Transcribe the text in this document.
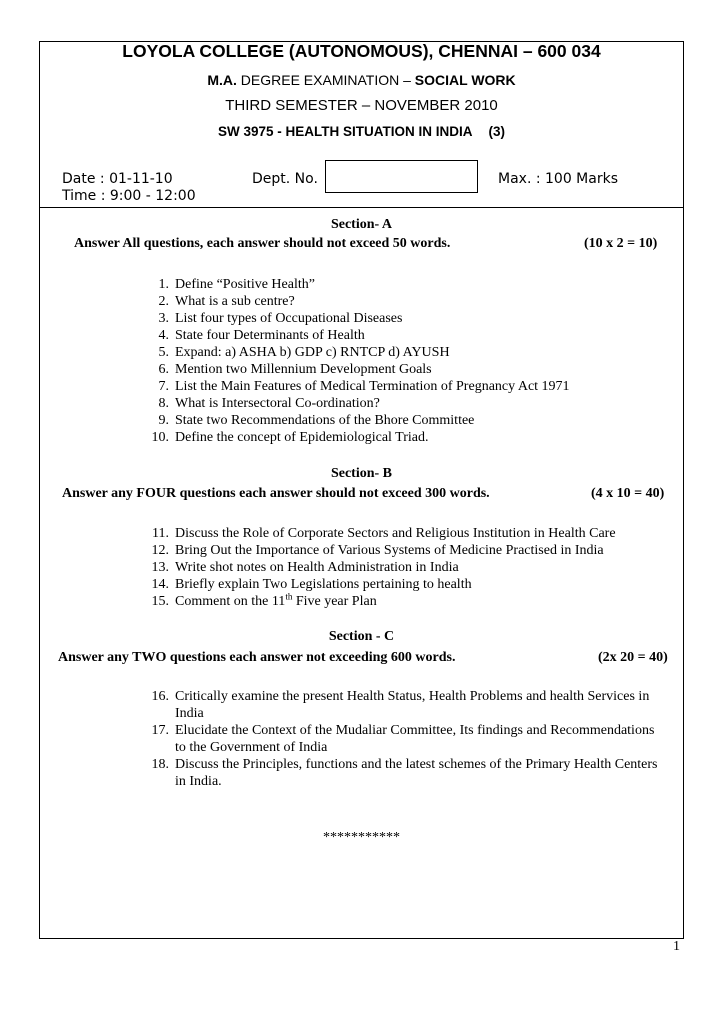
LOYOLA COLLEGE (AUTONOMOUS), CHENNAI – 600 034
M.A. DEGREE EXAMINATION – SOCIAL WORK
THIRD SEMESTER – NOVEMBER 2010
SW 3975 - HEALTH SITUATION IN INDIA (3)
Date : 01-11-10
Time : 9:00 - 12:00
Dept. No.	Max. : 100 Marks
Section- A
Answer All questions, each answer should not exceed 50 words.	(10 x 2 = 10)
1. Define “Positive Health”
2. What is a sub centre?
3. List four types of Occupational Diseases
4. State four Determinants of Health
5. Expand: a) ASHA b) GDP c) RNTCP d) AYUSH
6. Mention two Millennium Development Goals
7. List the Main Features of Medical Termination of Pregnancy Act 1971
8. What is Intersectoral Co-ordination?
9. State two Recommendations of the Bhore Committee
10. Define the concept of Epidemiological Triad.
Section- B
Answer any FOUR questions each answer should not exceed 300 words.	(4 x 10 = 40)
11. Discuss the Role of Corporate Sectors and Religious Institution in Health Care
12. Bring Out the Importance of Various Systems of Medicine Practised in India
13. Write shot notes on Health Administration in India
14. Briefly explain Two Legislations pertaining to health
15. Comment on the 11th Five year Plan
Section - C
Answer any TWO questions each answer not exceeding 600 words.	(2x 20 = 40)
16. Critically examine the present Health Status, Health Problems and health Services in
India
17. Elucidate the Context of the Mudaliar Committee, Its findings and Recommendations
to the Government of India
18. Discuss the Principles, functions and the latest schemes of the Primary Health Centers
in India.
***********
1
